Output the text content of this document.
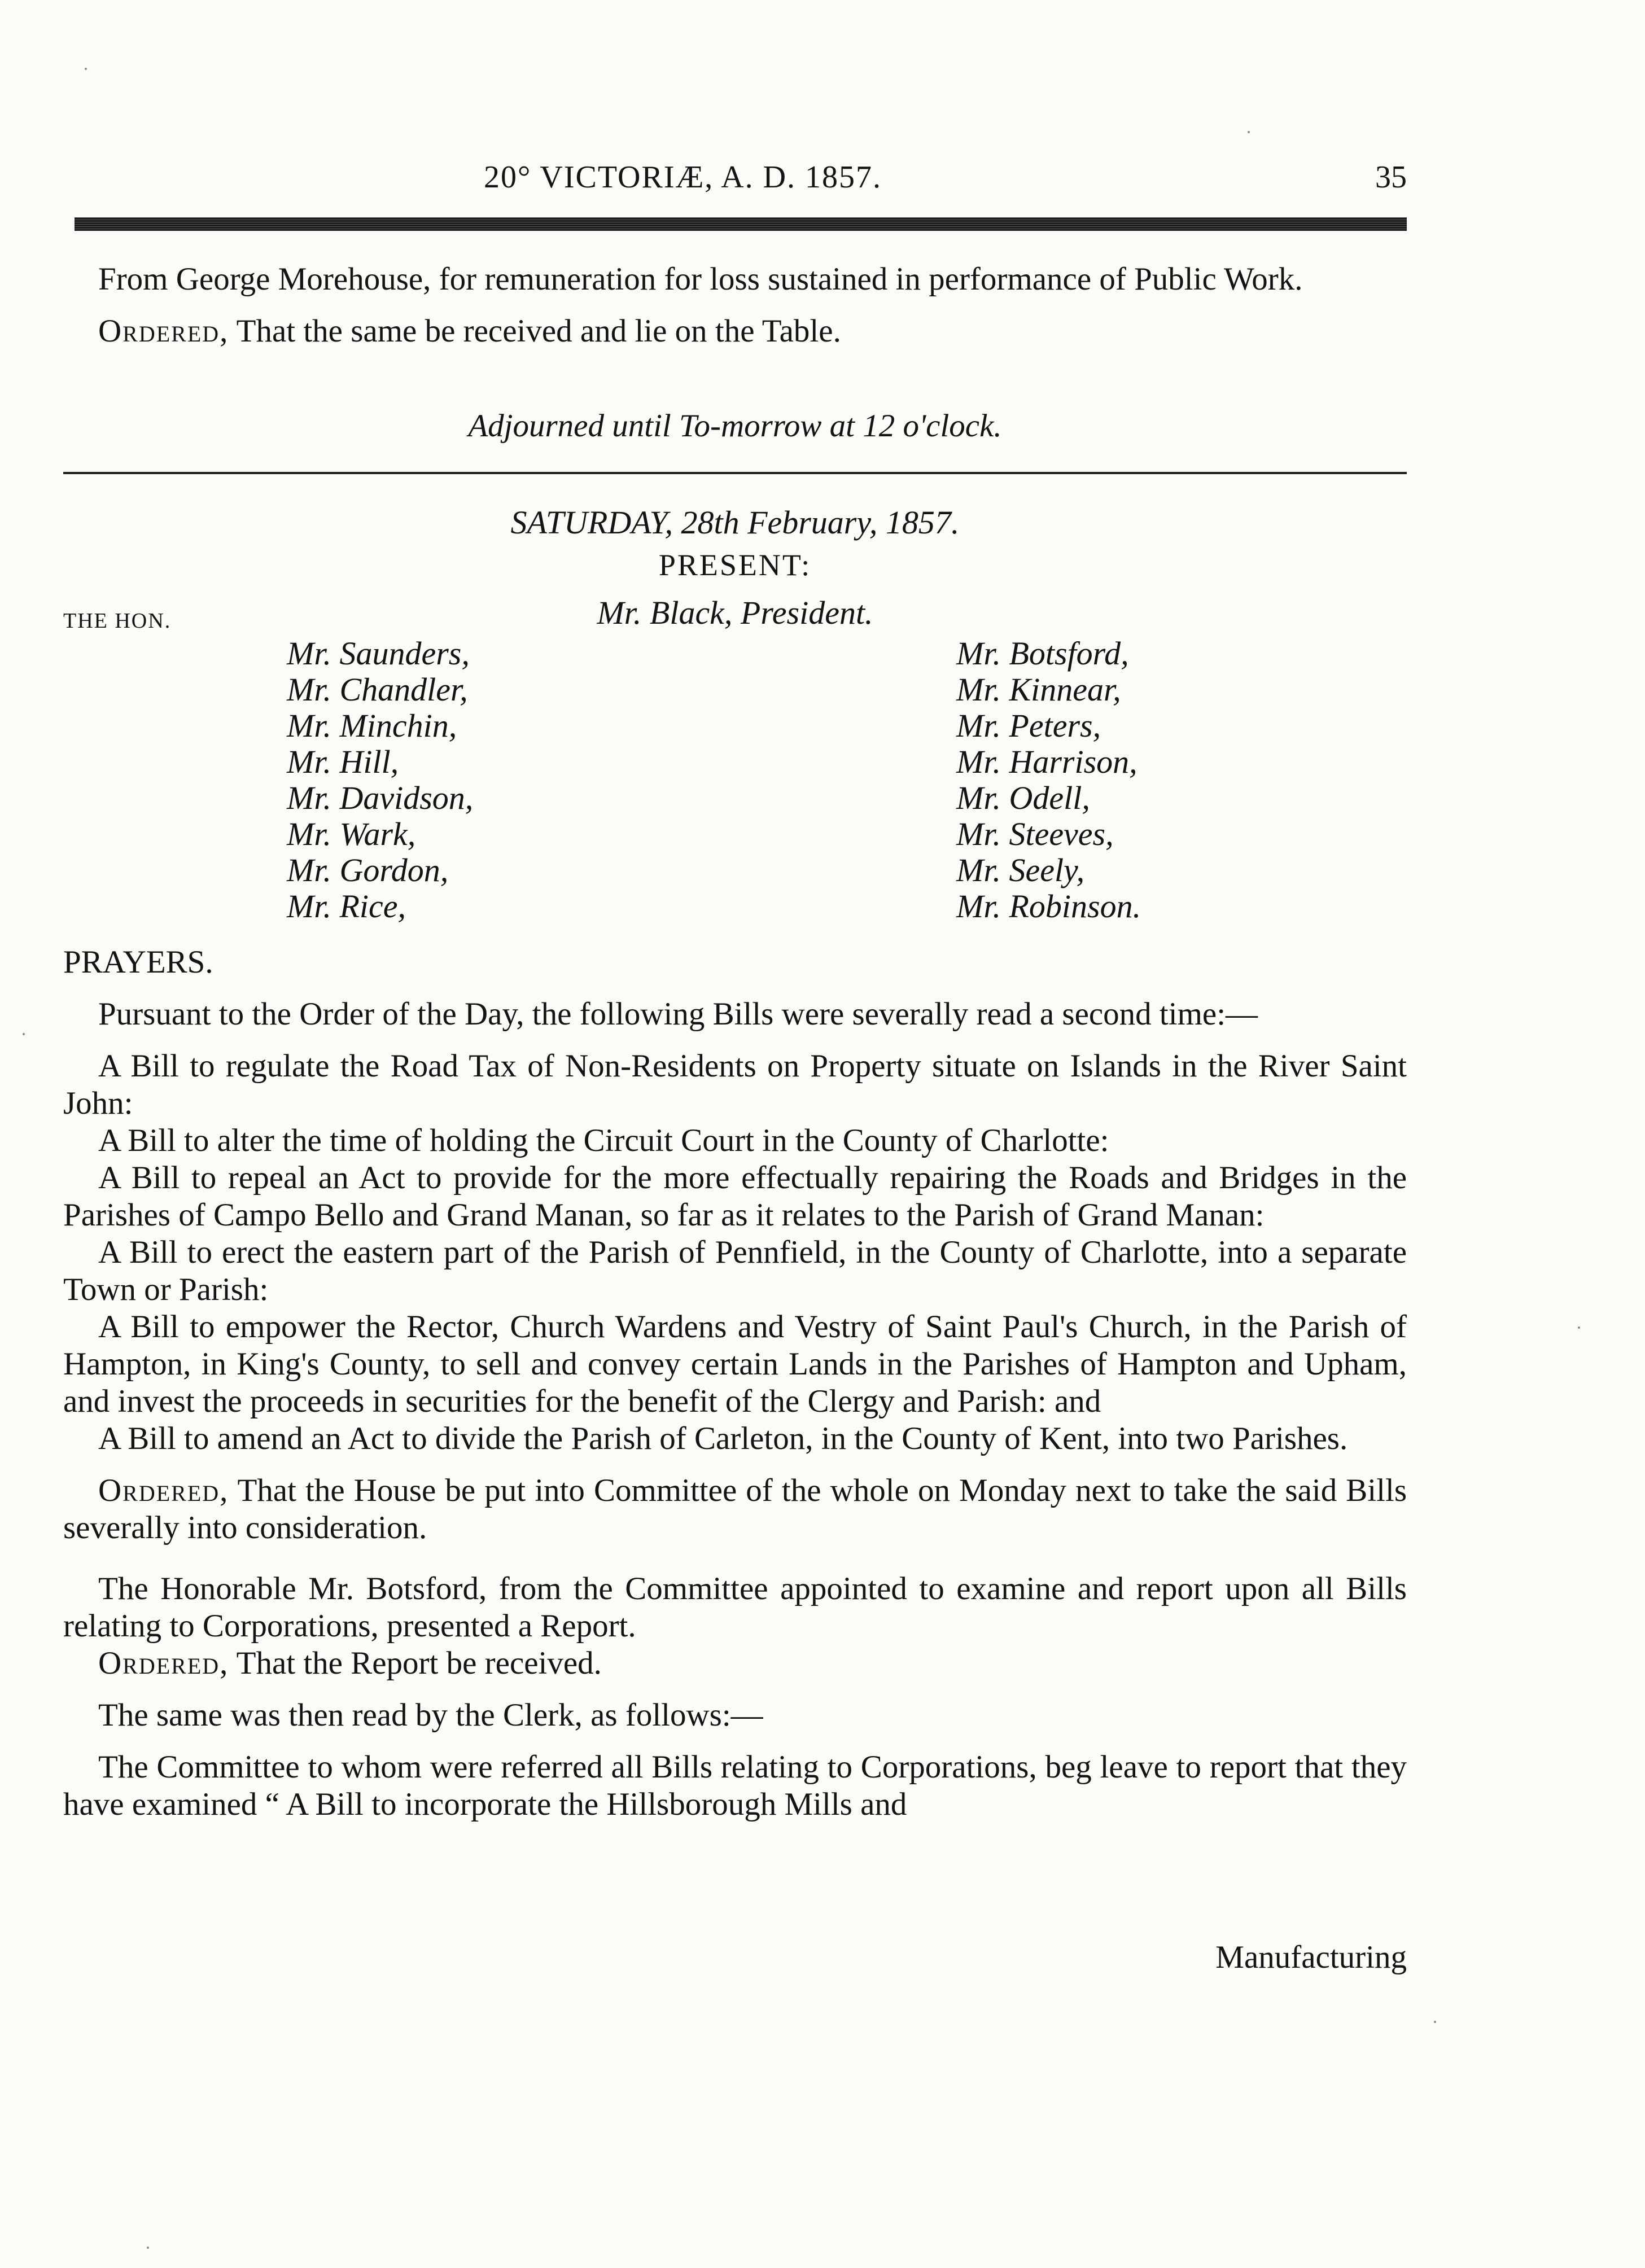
20° VICTORIÆ, A. D. 1857.	35

From George Morehouse, for remuneration for loss sustained in performance of Public Work.

Ordered, That the same be received and lie on the Table.

Adjourned until To-morrow at 12 o'clock.
SATURDAY, 28th February, 1857.
PRESENT:
Mr. Black, President.
THE HON.
Mr. Saunders,
Mr. Chandler,
Mr. Minchin,
Mr. Hill,
Mr. Davidson,
Mr. Wark,
Mr. Gordon,
Mr. Rice,
Mr. Botsford,
Mr. Kinnear,
Mr. Peters,
Mr. Harrison,
Mr. Odell,
Mr. Steeves,
Mr. Seely,
Mr. Robinson.

PRAYERS.

Pursuant to the Order of the Day, the following Bills were severally read a second time:—

A Bill to regulate the Road Tax of Non-Residents on Property situate on Islands in the River Saint John:

A Bill to alter the time of holding the Circuit Court in the County of Charlotte:

A Bill to repeal an Act to provide for the more effectually repairing the Roads and Bridges in the Parishes of Campo Bello and Grand Manan, so far as it relates to the Parish of Grand Manan:

A Bill to erect the eastern part of the Parish of Pennfield, in the County of Charlotte, into a separate Town or Parish:

A Bill to empower the Rector, Church Wardens and Vestry of Saint Paul's Church, in the Parish of Hampton, in King's County, to sell and convey certain Lands in the Parishes of Hampton and Upham, and invest the proceeds in securities for the benefit of the Clergy and Parish: and

A Bill to amend an Act to divide the Parish of Carleton, in the County of Kent, into two Parishes.

Ordered, That the House be put into Committee of the whole on Monday next to take the said Bills severally into consideration.

The Honorable Mr. Botsford, from the Committee appointed to examine and report upon all Bills relating to Corporations, presented a Report.

Ordered, That the Report be received.

The same was then read by the Clerk, as follows:—

The Committee to whom were referred all Bills relating to Corporations, beg leave to report that they have examined “ A Bill to incorporate the Hillsborough Mills and

Manufacturing
